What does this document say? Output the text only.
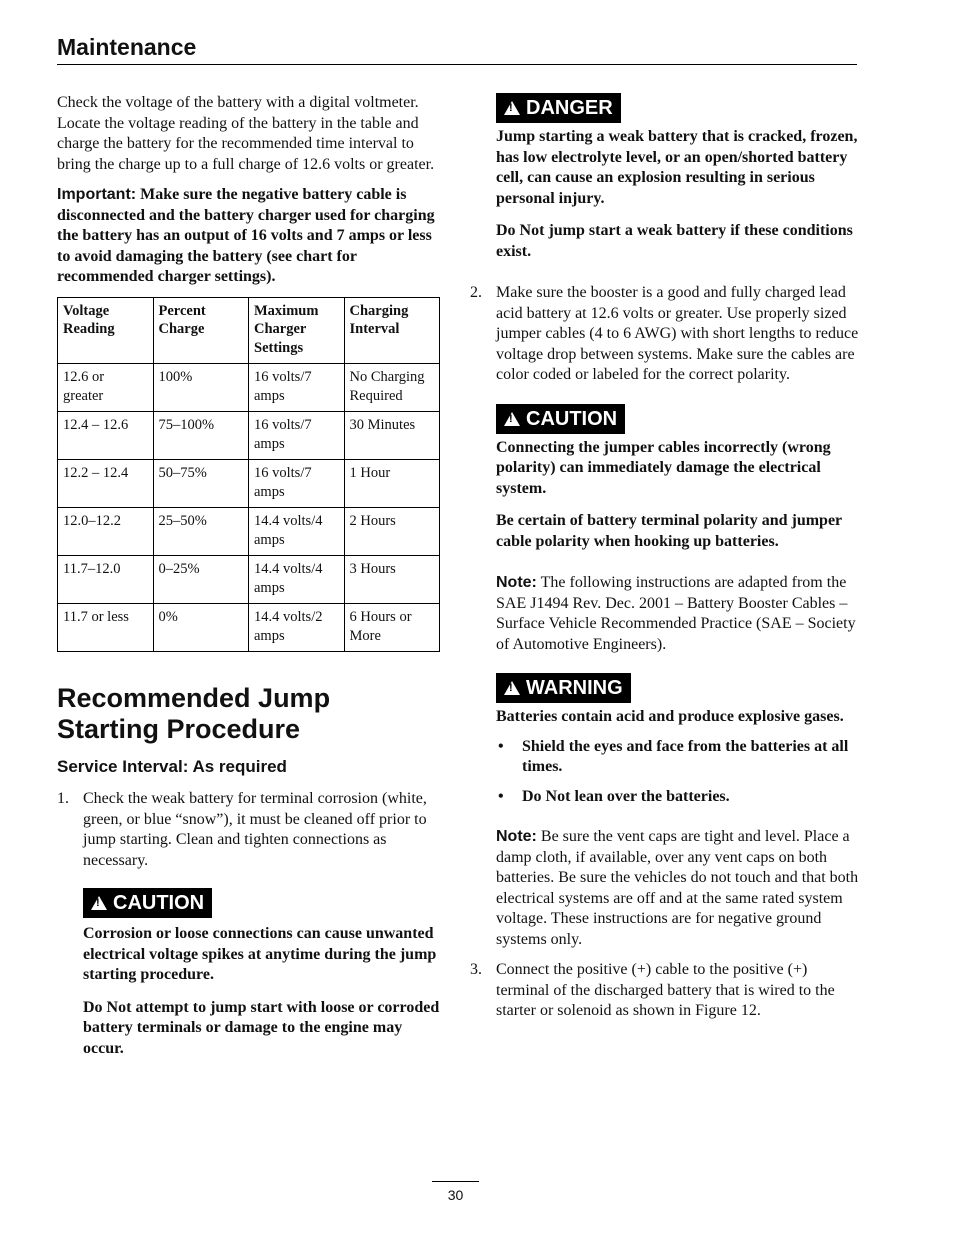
Maintenance

Check the voltage of the battery with a digital voltmeter. Locate the voltage reading of the battery in the table and charge the battery for the recommended time interval to bring the charge up to a full charge of 12.6 volts or greater.

Important: Make sure the negative battery cable is disconnected and the battery charger used for charging the battery has an output of 16 volts and 7 amps or less to avoid damaging the battery (see chart for recommended charger settings).

Voltage Reading	Percent Charge	Maximum Charger Settings	Charging Interval
12.6 or greater	100%	16 volts/7 amps	No Charging Required
12.4 – 12.6	75–100%	16 volts/7 amps	30 Minutes
12.2 – 12.4	50–75%	16 volts/7 amps	1 Hour
12.0–12.2	25–50%	14.4 volts/4 amps	2 Hours
11.7–12.0	0–25%	14.4 volts/4 amps	3 Hours
11.7 or less	0%	14.4 volts/2 amps	6 Hours or More
Recommended Jump
Starting Procedure
Service Interval: As required
1. Check the weak battery for terminal corrosion (white, green, or blue “snow”), it must be cleaned off prior to jump starting. Clean and tighten connections as necessary.
!
CAUTION

Corrosion or loose connections can cause unwanted electrical voltage spikes at anytime during the jump starting procedure.

Do Not attempt to jump start with loose or corroded battery terminals or damage to the engine may occur.

!
DANGER

Jump starting a weak battery that is cracked, frozen, has low electrolyte level, or an open/shorted battery cell, can cause an explosion resulting in serious personal injury.

Do Not jump start a weak battery if these conditions exist.

2. Make sure the booster is a good and fully charged lead acid battery at 12.6 volts or greater. Use properly sized jumper cables (4 to 6 AWG) with short lengths to reduce voltage drop between systems. Make sure the cables are color coded or labeled for the correct polarity.
!
CAUTION

Connecting the jumper cables incorrectly (wrong polarity) can immediately damage the electrical system.

Be certain of battery terminal polarity and jumper cable polarity when hooking up batteries.

Note: The following instructions are adapted from the SAE J1494 Rev. Dec. 2001 – Battery Booster Cables – Surface Vehicle Recommended Practice (SAE – Society of Automotive Engineers).

!
WARNING

Batteries contain acid and produce explosive gases.

• Shield the eyes and face from the batteries at all times.
• Do Not lean over the batteries.

Note: Be sure the vent caps are tight and level. Place a damp cloth, if available, over any vent caps on both batteries. Be sure the vehicles do not touch and that both electrical systems are off and at the same rated system voltage. These instructions are for negative ground systems only.

3. Connect the positive (+) cable to the positive (+) terminal of the discharged battery that is wired to the starter or solenoid as shown in Figure 12.
30
